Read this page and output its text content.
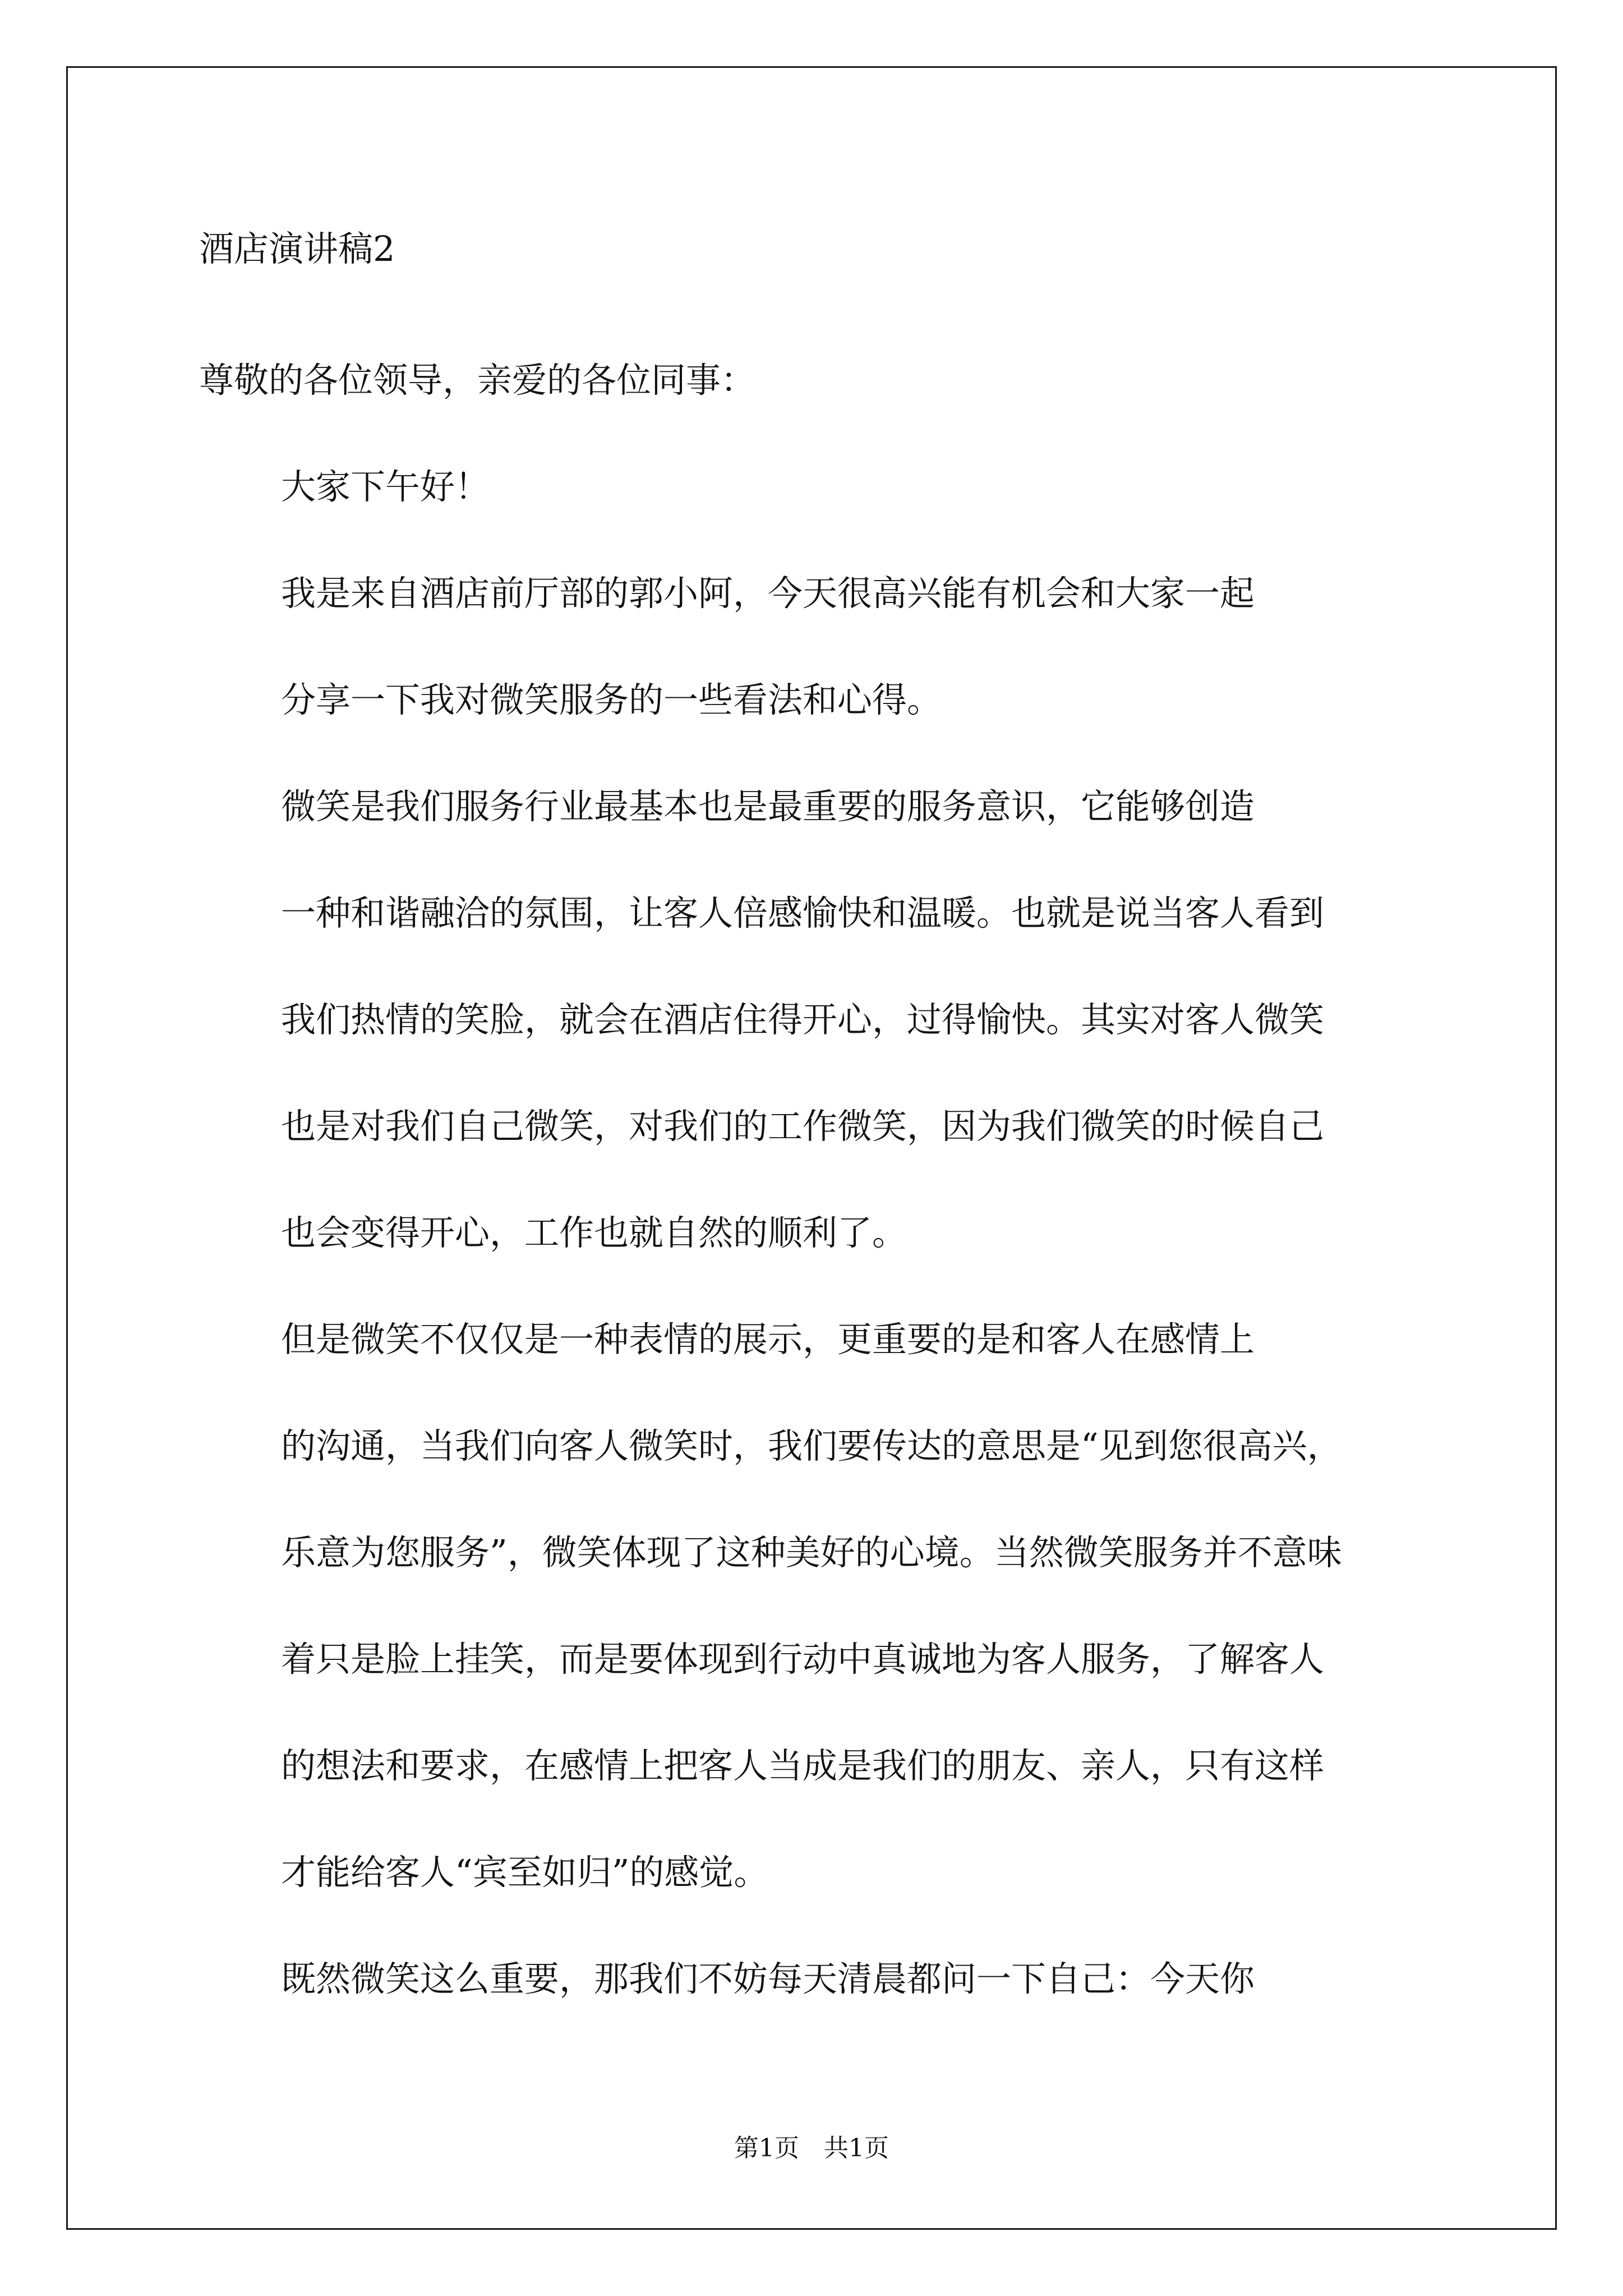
酒店演讲稿2

尊敬的各位领导，亲爱的各位同事：

大家下午好！

我是来自酒店前厅部的郭小阿，今天很高兴能有机会和大家一起
分享一下我对微笑服务的一些看法和心得。

微笑是我们服务行业最基本也是最重要的服务意识，它能够创造
一种和谐融洽的氛围，让客人倍感愉快和温暖。也就是说当客人看到
我们热情的笑脸，就会在酒店住得开心，过得愉快。其实对客人微笑
也是对我们自己微笑，对我们的工作微笑，因为我们微笑的时候自己
也会变得开心，工作也就自然的顺利了。

但是微笑不仅仅是一种表情的展示，更重要的是和客人在感情上
的沟通，当我们向客人微笑时，我们要传达的意思是“见到您很高兴，
乐意为您服务”，微笑体现了这种美好的心境。当然微笑服务并不意味
着只是脸上挂笑，而是要体现到行动中真诚地为客人服务，了解客人
的想法和要求，在感情上把客人当成是我们的朋友、亲人，只有这样
才能给客人“宾至如归”的感觉。

既然微笑这么重要，那我们不妨每天清晨都问一下自己：今天你

第1页　共1页
